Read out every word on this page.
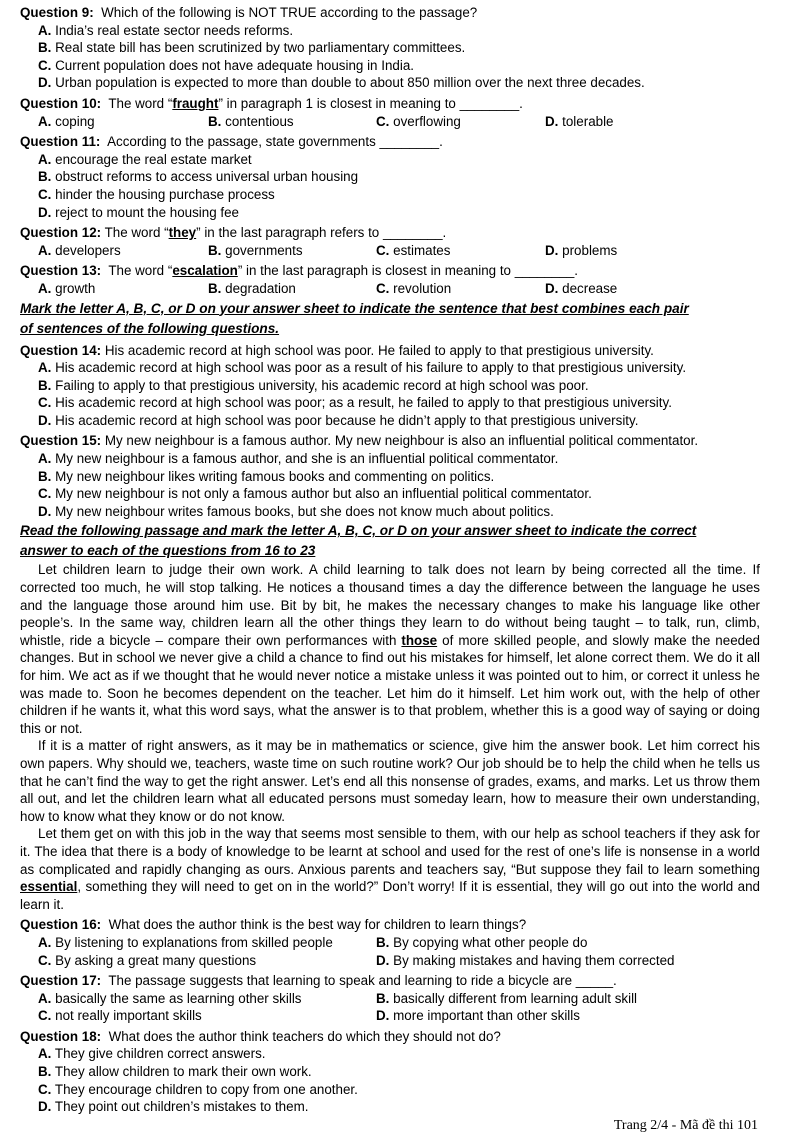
Question 9: Which of the following is NOT TRUE according to the passage?
A. India’s real estate sector needs reforms.
B. Real state bill has been scrutinized by two parliamentary committees.
C. Current population does not have adequate housing in India.
D. Urban population is expected to more than double to about 850 million over the next three decades.
Question 10: The word “fraught” in paragraph 1 is closest in meaning to ________.
A. coping	B. contentious	C. overflowing	D. tolerable
Question 11: According to the passage, state governments ________.
A. encourage the real estate market
B. obstruct reforms to access universal urban housing
C. hinder the housing purchase process
D. reject to mount the housing fee
Question 12: The word “they” in the last paragraph refers to ________.
A. developers	B. governments	C. estimates	D. problems
Question 13: The word “escalation” in the last paragraph is closest in meaning to ________.
A. growth	B. degradation	C. revolution	D. decrease
Mark the letter A, B, C, or D on your answer sheet to indicate the sentence that best combines each pair
of sentences of the following questions.
Question 14: His academic record at high school was poor. He failed to apply to that prestigious university.
A. His academic record at high school was poor as a result of his failure to apply to that prestigious university.
B. Failing to apply to that prestigious university, his academic record at high school was poor.
C. His academic record at high school was poor; as a result, he failed to apply to that prestigious university.
D. His academic record at high school was poor because he didn’t apply to that prestigious university.
Question 15: My new neighbour is a famous author. My new neighbour is also an influential political commentator.
A. My new neighbour is a famous author, and she is an influential political commentator.
B. My new neighbour likes writing famous books and commenting on politics.
C. My new neighbour is not only a famous author but also an influential political commentator.
D. My new neighbour writes famous books, but she does not know much about politics.
Read the following passage and mark the letter A, B, C, or D on your answer sheet to indicate the correct
answer to each of the questions from 16 to 23

Let children learn to judge their own work. A child learning to talk does not learn by being corrected all the time. If corrected too much, he will stop talking. He notices a thousand times a day the difference between the language he uses and the language those around him use. Bit by bit, he makes the necessary changes to make his language like other people’s. In the same way, children learn all the other things they learn to do without being taught – to talk, run, climb, whistle, ride a bicycle – compare their own performances with those of more skilled people, and slowly make the needed changes. But in school we never give a child a chance to find out his mistakes for himself, let alone correct them. We do it all for him. We act as if we thought that he would never notice a mistake unless it was pointed out to him, or correct it unless he was made to. Soon he becomes dependent on the teacher. Let him do it himself. Let him work out, with the help of other children if he wants it, what this word says, what the answer is to that problem, whether this is a good way of saying or doing this or not.

If it is a matter of right answers, as it may be in mathematics or science, give him the answer book. Let him correct his own papers. Why should we, teachers, waste time on such routine work? Our job should be to help the child when he tells us that he can’t find the way to get the right answer. Let’s end all this nonsense of grades, exams, and marks. Let us throw them all out, and let the children learn what all educated persons must someday learn, how to measure their own understanding, how to know what they know or do not know.

Let them get on with this job in the way that seems most sensible to them, with our help as school teachers if they ask for it. The idea that there is a body of knowledge to be learnt at school and used for the rest of one’s life is nonsense in a world as complicated and rapidly changing as ours. Anxious parents and teachers say, “But suppose they fail to learn something essential, something they will need to get on in the world?” Don’t worry! If it is essential, they will go out into the world and learn it.

Question 16: What does the author think is the best way for children to learn things?
A. By listening to explanations from skilled people	B. By copying what other people do
C. By asking a great many questions	D. By making mistakes and having them corrected
Question 17: The passage suggests that learning to speak and learning to ride a bicycle are _____.
A. basically the same as learning other skills	B. basically different from learning adult skill
C. not really important skills	D. more important than other skills
Question 18: What does the author think teachers do which they should not do?
A. They give children correct answers.
B. They allow children to mark their own work.
C. They encourage children to copy from one another.
D. They point out children’s mistakes to them.
Trang 2/4 - Mã đề thi 101
